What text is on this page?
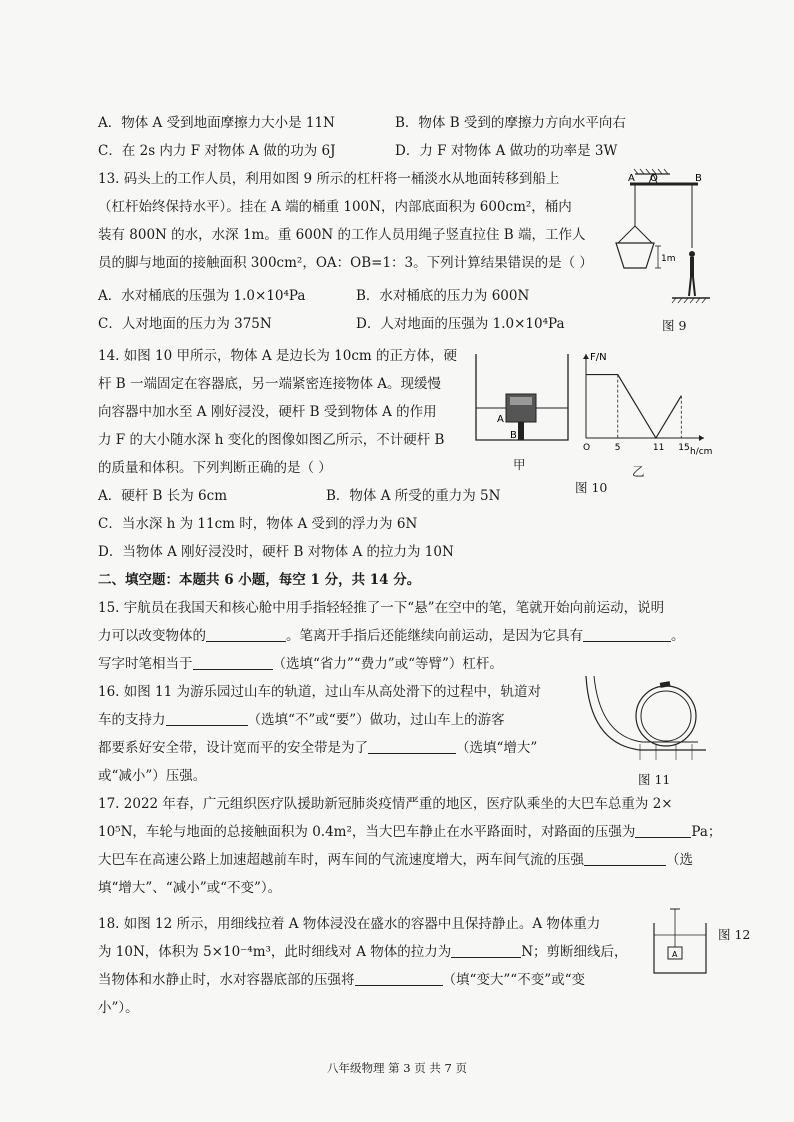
A．物体 A 受到地面摩擦力大小是 11N	B．物体 B 受到的摩擦力方向水平向右
C．在 2s 内力 F 对物体 A 做的功为 6J	D．力 F 对物体 A 做功的功率是 3W
13. 码头上的工作人员，利用如图 9 所示的杠杆将一桶淡水从地面转移到船上
（杠杆始终保持水平）。挂在 A 端的桶重 100N，内部底面积为 600cm²，桶内
装有 800N 的水，水深 1m。重 600N 的工作人员用绳子竖直拉住 B 端，工作人
员的脚与地面的接触面积 300cm²，OA：OB=1：3。下列计算结果错误的是（ ）
A．水对桶底的压强为 1.0×10⁴Pa	B．水对桶底的压力为 600N
C．人对地面的压力为 375N	D．人对地面的压强为 1.0×10⁴Pa
A O	B
1m
图 9
14. 如图 10 甲所示，物体 A 是边长为 10cm 的正方体，硬
杆 B 一端固定在容器底，另一端紧密连接物体 A。现缓慢
向容器中加水至 A 刚好浸没，硬杆 B 受到物体 A 的作用
力 F 的大小随水深 h 变化的图像如图乙所示，不计硬杆 B
的质量和体积。下列判断正确的是（ ）
A．硬杆 B 长为 6cm	B．物体 A 所受的重力为 5N
C．当水深 h 为 11cm 时，物体 A 受到的浮力为 6N
D．当物体 A 刚好浸没时，硬杆 B 对物体 A 的拉力为 10N
A
B
甲
F/N
h/cm
O	5	11 15
乙
图 10
二、填空题：本题共 6 小题，每空 1 分，共 14 分。
15. 宇航员在我国天和核心舱中用手指轻轻推了一下“悬”在空中的笔，笔就开始向前运动，说明
力可以改变物体的	。笔离开手指后还能继续向前运动，是因为它具有	。
写字时笔相当于	（选填“省力”“费力”或“等臂”）杠杆。
16. 如图 11 为游乐园过山车的轨道，过山车从高处滑下的过程中，轨道对
车的支持力	（选填“不”或“要”）做功，过山车上的游客
都要系好安全带，设计宽而平的安全带是为了	（选填“增大”
或“减小”）压强。	图 11
17. 2022 年春，广元组织医疗队援助新冠肺炎疫情严重的地区，医疗队乘坐的大巴车总重为 2×
10⁵N，车轮与地面的总接触面积为 0.4m²，当大巴车静止在水平路面时，对路面的压强为	Pa；
大巴车在高速公路上加速超越前车时，两车间的气流速度增大，两车间气流的压强	（选
填“增大”、“减小”或“不变”）。
18. 如图 12 所示，用细线拉着 A 物体浸没在盛水的容器中且保持静止。A 物体重力
为 10N，体积为 5×10⁻⁴m³，此时细线对 A 物体的拉力为	N；剪断细线后，
当物体和水静止时，水对容器底部的压强将	（填“变大”“不变”或“变
小”）。
A
图 12
八年级物理 第 3 页 共 7 页
